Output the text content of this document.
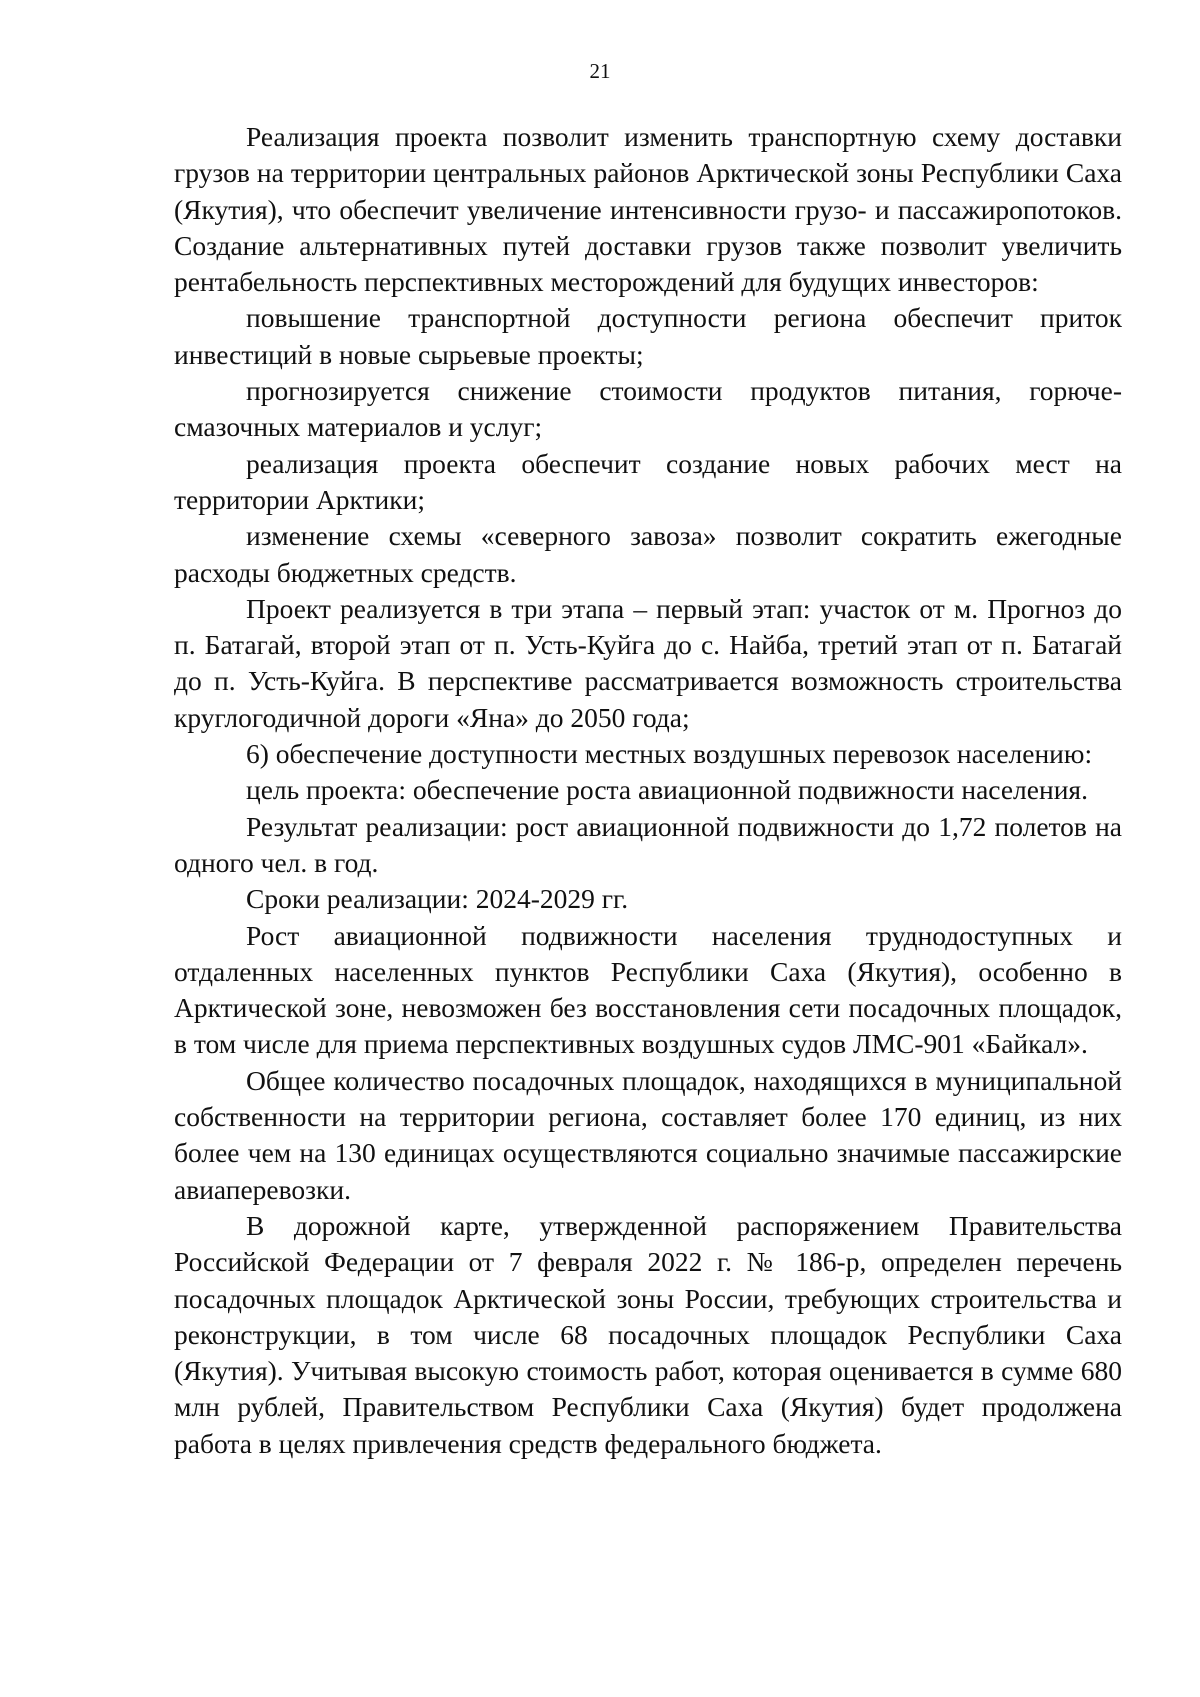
21

Реализация проекта позволит изменить транспортную схему доставки грузов на территории центральных районов Арктической зоны Республики Саха (Якутия), что обеспечит увеличение интенсивности грузо- и пассажиропотоков. Создание альтернативных путей доставки грузов также позволит увеличить рентабельность перспективных месторождений для будущих инвесторов:

повышение транспортной доступности региона обеспечит приток инвестиций в новые сырьевые проекты;

прогнозируется снижение стоимости продуктов питания, горюче-смазочных материалов и услуг;

реализация проекта обеспечит создание новых рабочих мест на территории Арктики;

изменение схемы «северного завоза» позволит сократить ежегодные расходы бюджетных средств.

Проект реализуется в три этапа – первый этап: участок от м. Прогноз до п. Батагай, второй этап от п. Усть-Куйга до с. Найба, третий этап от п. Батагай до п. Усть-Куйга. В перспективе рассматривается возможность строительства круглогодичной дороги «Яна» до 2050 года;

6) обеспечение доступности местных воздушных перевозок населению:

цель проекта: обеспечение роста авиационной подвижности населения.

Результат реализации: рост авиационной подвижности до 1,72 полетов на одного чел. в год.

Сроки реализации: 2024-2029 гг.

Рост авиационной подвижности населения труднодоступных и отдаленных населенных пунктов Республики Саха (Якутия), особенно в Арктической зоне, невозможен без восстановления сети посадочных площадок, в том числе для приема перспективных воздушных судов ЛМС-901 «Байкал».

Общее количество посадочных площадок, находящихся в муниципальной собственности на территории региона, составляет более 170 единиц, из них более чем на 130 единицах осуществляются социально значимые пассажирские авиаперевозки.

В дорожной карте, утвержденной распоряжением Правительства Российской Федерации от 7 февраля 2022 г. № 186-р, определен перечень посадочных площадок Арктической зоны России, требующих строительства и реконструкции, в том числе 68 посадочных площадок Республики Саха (Якутия). Учитывая высокую стоимость работ, которая оценивается в сумме 680 млн рублей, Правительством Республики Саха (Якутия) будет продолжена работа в целях привлечения средств федерального бюджета.
